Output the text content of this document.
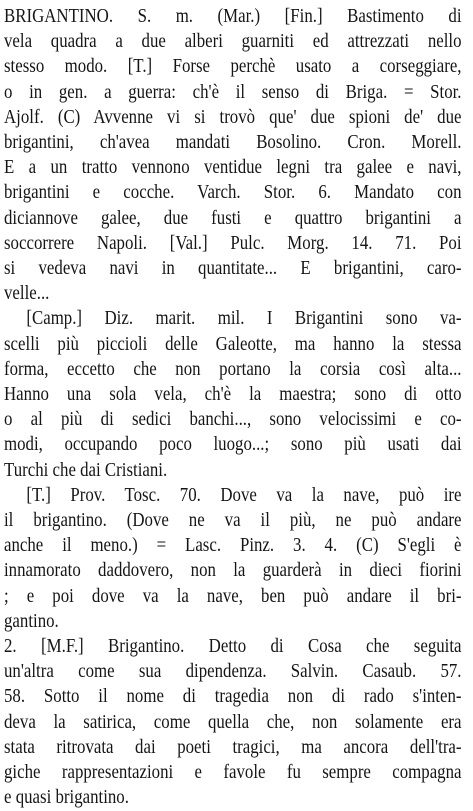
BRIGANTINO. S. m. (Mar.) [Fin.] Bastimento di
vela quadra a due alberi guarniti ed attrezzati nello
stesso modo. [T.] Forse perchè usato a corseggiare,
o in gen. a guerra: ch'è il senso di Briga. = Stor.
Ajolf. (C) Avvenne vi si trovò que' due spioni de' due
brigantini, ch'avea mandati Bosolino. Cron. Morell.
E a un tratto vennono ventidue legni tra galee e navi,
brigantini e cocche. Varch. Stor. 6. Mandato con
diciannove galee, due fusti e quattro brigantini a
soccorrere Napoli. [Val.] Pulc. Morg. 14. 71. Poi
si vedeva navi in quantitate... E brigantini, caro-
velle...
[Camp.] Diz. marit. mil. I Brigantini sono va-
scelli più piccioli delle Galeotte, ma hanno la stessa
forma, eccetto che non portano la corsia così alta...
Hanno una sola vela, ch'è la maestra; sono di otto
o al più di sedici banchi..., sono velocissimi e co-
modi, occupando poco luogo...; sono più usati dai
Turchi che dai Cristiani.
[T.] Prov. Tosc. 70. Dove va la nave, può ire
il brigantino. (Dove ne va il più, ne può andare
anche il meno.) = Lasc. Pinz. 3. 4. (C) S'egli è
innamorato daddovero, non la guarderà in dieci fiorini
; e poi dove va la nave, ben può andare il bri-
gantino.
2. [M.F.] Brigantino. Detto di Cosa che seguita
un'altra come sua dipendenza. Salvin. Casaub. 57.
58. Sotto il nome di tragedia non di rado s'inten-
deva la satirica, come quella che, non solamente era
stata ritrovata dai poeti tragici, ma ancora dell'tra-
giche rappresentazioni e favole fu sempre compagna
e quasi brigantino.
